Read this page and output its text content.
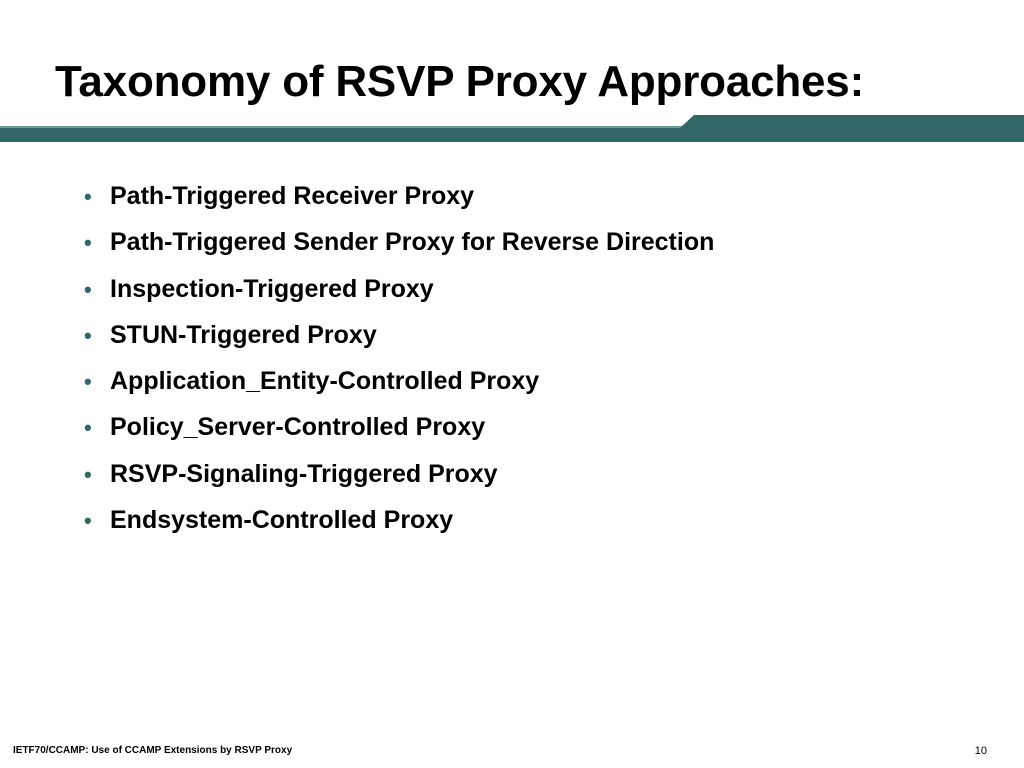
Taxonomy of RSVP Proxy Approaches:
• Path-Triggered Receiver Proxy
• Path-Triggered Sender Proxy for Reverse Direction
• Inspection-Triggered Proxy
• STUN-Triggered Proxy
• Application_Entity-Controlled Proxy
• Policy_Server-Controlled Proxy
• RSVP-Signaling-Triggered Proxy
• Endsystem-Controlled Proxy
IETF70/CCAMP: Use of CCAMP Extensions by RSVP Proxy	10
